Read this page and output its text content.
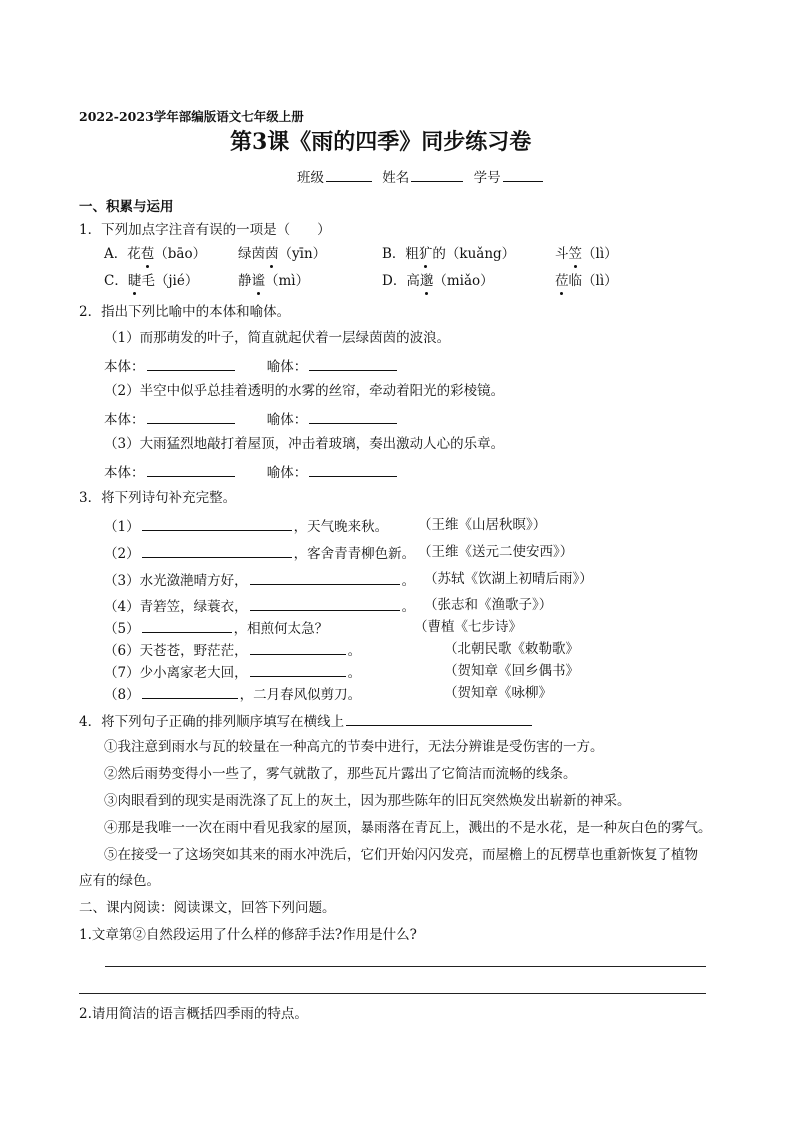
2022-2023学年部编版语文七年级上册
第3课《雨的四季》同步练习卷
班级	姓名	学号
一、积累与运用
1．下列加点字注音有误的一项是（　　）
A．花苞（bāo） 绿茵茵（yīn）	B．粗犷的（kuǎng）	斗笠（lì）
C．睫毛（jié）	静谧（mì）	D．高邈（miǎo）	莅临（lì）
2．指出下列比喻中的本体和喻体。
（1）而那萌发的叶子，简直就起伏着一层绿茵茵的波浪。
本体：	喻体：
（2）半空中似乎总挂着透明的水雾的丝帘，牵动着阳光的彩棱镜。
本体：	喻体：
（3）大雨猛烈地敲打着屋顶，冲击着玻璃，奏出激动人心的乐章。
本体：	喻体：
3．将下列诗句补充完整。
（1）	，天气晚来秋。 （王维《山居秋暝》）
（2）	，客舍青青柳色新。 （王维《送元二使安西》）
（3）水光潋滟晴方好，	。 （苏轼《饮湖上初晴后雨》）
（4）青箬笠，绿蓑衣，	。 （张志和《渔歌子》）
（5）	，相煎何太急？	（曹植《七步诗》
（6）天苍苍，野茫茫，	。	（北朝民歌《敕勒歌》
（7）少小离家老大回，	。	（贺知章《回乡偶书》
（8）	，二月春风似剪刀。	（贺知章《咏柳》
4．将下列句子正确的排列顺序填写在横线上
①我注意到雨水与瓦的较量在一种高亢的节奏中进行，无法分辨谁是受伤害的一方。
②然后雨势变得小一些了，雾气就散了，那些瓦片露出了它简洁而流畅的线条。
③肉眼看到的现实是雨洗涤了瓦上的灰土，因为那些陈年的旧瓦突然焕发出崭新的神采。
④那是我唯一一次在雨中看见我家的屋顶，暴雨落在青瓦上，溅出的不是水花，是一种灰白色的雾气。
⑤在接受一了这场突如其来的雨水冲洗后，它们开始闪闪发亮，而屋檐上的瓦楞草也重新恢复了植物
应有的绿色。
二、课内阅读：阅读课文，回答下列问题。
1.文章第②自然段运用了什么样的修辞手法?作用是什么?
2.请用简洁的语言概括四季雨的特点。
